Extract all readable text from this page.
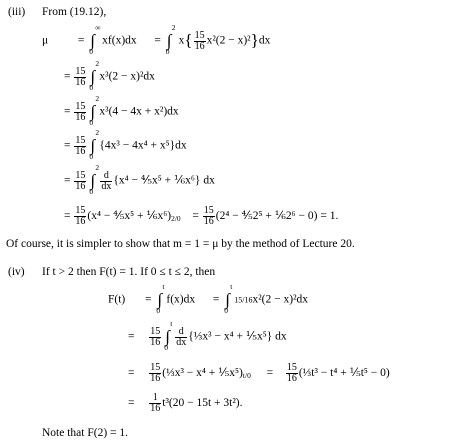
(iii) From (19.12),
μ	= ∫
∞
0
xf(x)dx = ∫
2
0
$x\{ \frac{15}{16} x^2(2 - x)^2\}dx$
= $\frac{15}{16}$ ∫
2
0
x³(2 − x)²dx
= $\frac{15}{16}$ ∫
2
0
x³(4 − 4x + x²)dx
= $\frac{15}{16}$ ∫
2
0
{4x³ − 4x⁴ + x⁵}dx
= $\frac{15}{16}$ ∫
2
$0 \frac{d}{dx} \{x^4$ − ⅘x⁵ + ⅙x⁶} dx
= $\frac{15}{16} (x^4$ − ⅘x⁵ + ⅙x⁶)2/0 = $\frac{15}{16} (2^4$ − ⅘2⁵ + ⅙2⁶ − 0) = 1.
Of course, it is simpler to show that m = 1 = μ by the method of Lecture 20.
(iv) If t > 2 then F(t) = 1. If 0 ≤ t ≤ 2, then
F(t) = ∫
t
0
f(x)dx = ∫
t
0
15/16x²(2 − x)²dx
= $\frac{15}{16}$ ∫
t
$0 \frac{d}{dx}$ {⅓x³ − x⁴ + ⅕x⁵} dx
= $\frac{15}{16}$ (⅓x³ − x⁴ + ⅕x⁵)t/0 = $\frac{15}{16}$ (⅓t³ − t⁴ + ⅕t⁵ − 0)
= $\frac{1}{16} t^3(20 - 15t + 3t^2)$.
Note that F(2) = 1.
